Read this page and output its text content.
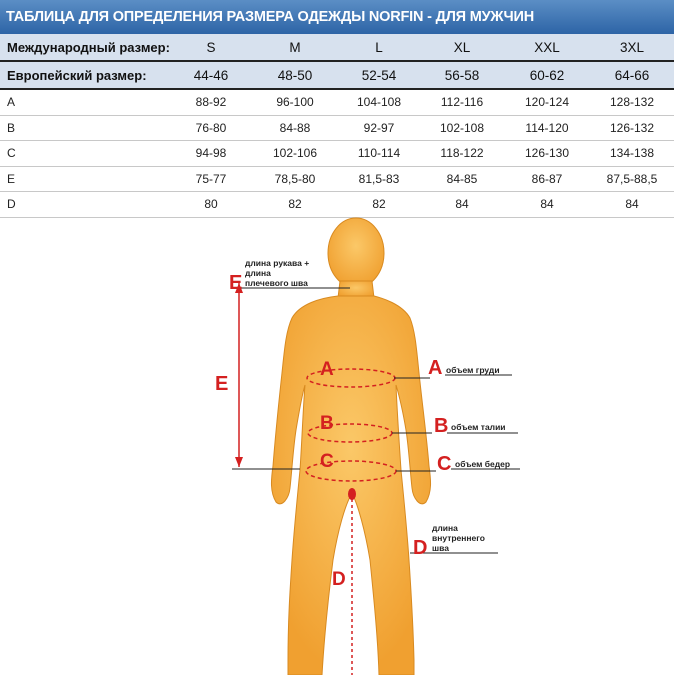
ТАБЛИЦА ДЛЯ ОПРЕДЕЛЕНИЯ РАЗМЕРА ОДЕЖДЫ NORFIN - ДЛЯ МУЖЧИН
Международный размер:	S	M	L	XL	XXL	3XL
Европейский размер:	44-46	48-50	52-54	56-58	60-62	64-66
A	88-92	96-100	104-108	112-116	120-124	128-132
B	76-80	84-88	92-97	102-108	114-120	126-132
C	94-98	102-106	110-114	118-122	126-130	134-138
E	75-77	78,5-80	81,5-83	84-85	86-87	87,5-88,5
D	80	82	82	84	84	84
E
E
A	A
B	B
C	C
D
D
длина рукава +
длина
плечевого шва
объем груди
объем талии
объем бедер
длина
внутреннего
шва
